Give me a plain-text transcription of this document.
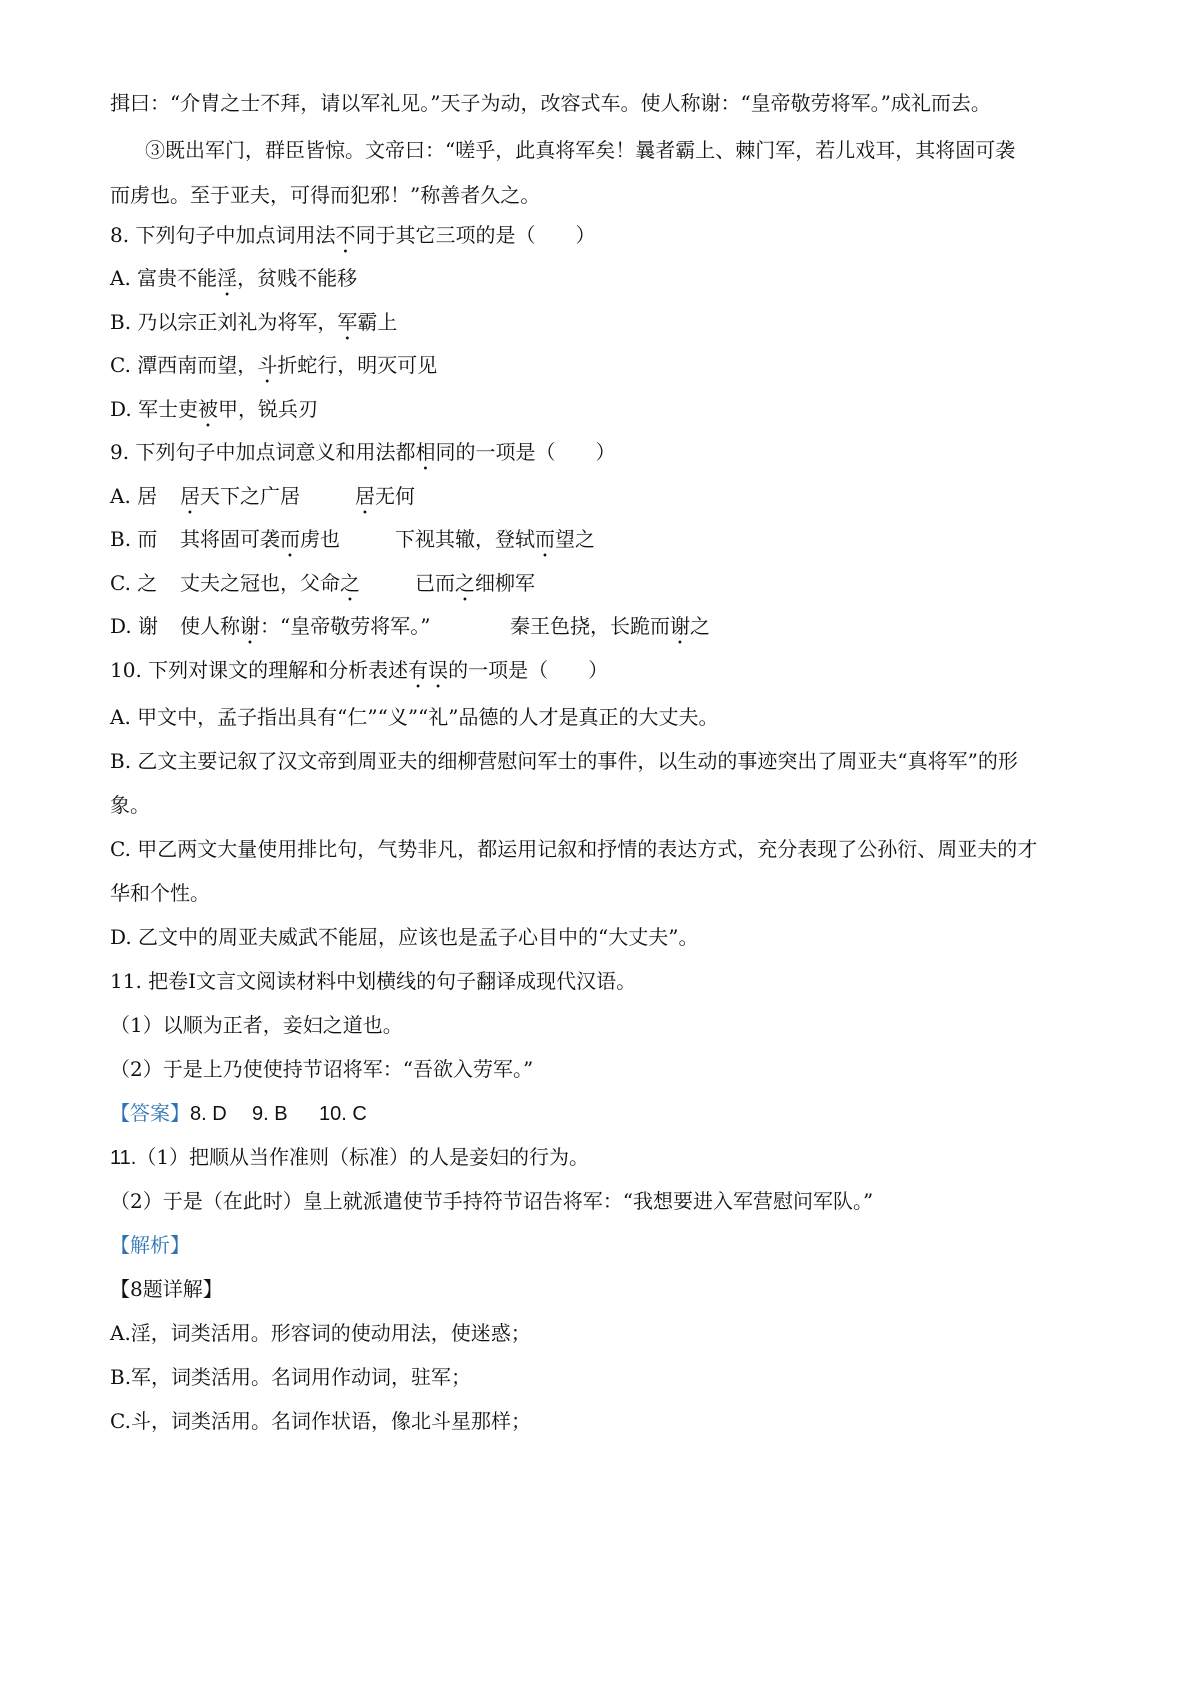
揖曰：“介胄之士不拜，请以军礼见。”天子为动，改容式车。使人称谢：“皇帝敬劳将军。”成礼而去。
③既出军门，群臣皆惊。文帝曰：“嗟乎，此真将军矣！曩者霸上、棘门军，若儿戏耳，其将固可袭
而虏也。至于亚夫，可得而犯邪！”称善者久之。
8. 下列句子中加点词用法不同于其它三项的是（　　）
A. 富贵不能淫，贫贱不能移
B. 乃以宗正刘礼为将军，军霸上
C. 潭西南而望，斗折蛇行，明灭可见
D. 军士吏被甲，锐兵刃
9. 下列句子中加点词意义和用法都相同的一项是（　　）
A. 居 居天下之广居	居无何
B. 而 其将固可袭而虏也	下视其辙，登轼而望之
C. 之 丈夫之冠也，父命之	已而之细柳军
D. 谢 使人称谢：“皇帝敬劳将军。”	秦王色挠，长跪而谢之
10. 下列对课文的理解和分析表述有误的一项是（　　）
A. 甲文中，孟子指出具有“仁”“义”“礼”品德的人才是真正的大丈夫。
B. 乙文主要记叙了汉文帝到周亚夫的细柳营慰问军士的事件，以生动的事迹突出了周亚夫“真将军”的形
象。
C. 甲乙两文大量使用排比句，气势非凡，都运用记叙和抒情的表达方式，充分表现了公孙衍、周亚夫的才
华和个性。
D. 乙文中的周亚夫威武不能屈，应该也是孟子心目中的“大丈夫”。
11. 把卷Ⅰ文言文阅读材料中划横线的句子翻译成现代汉语。
（1）以顺为正者，妾妇之道也。
（2）于是上乃使使持节诏将军：“吾欲入劳军。”
【答案】8. D 9. B 10. C
11.（1）把顺从当作准则（标准）的人是妾妇的行为。
（2）于是（在此时）皇上就派遣使节手持符节诏告将军：“我想要进入军营慰问军队。”
【解析】
【8题详解】
A.淫，词类活用。形容词的使动用法，使迷惑；
B.军，词类活用。名词用作动词，驻军；
C.斗，词类活用。名词作状语，像北斗星那样；
